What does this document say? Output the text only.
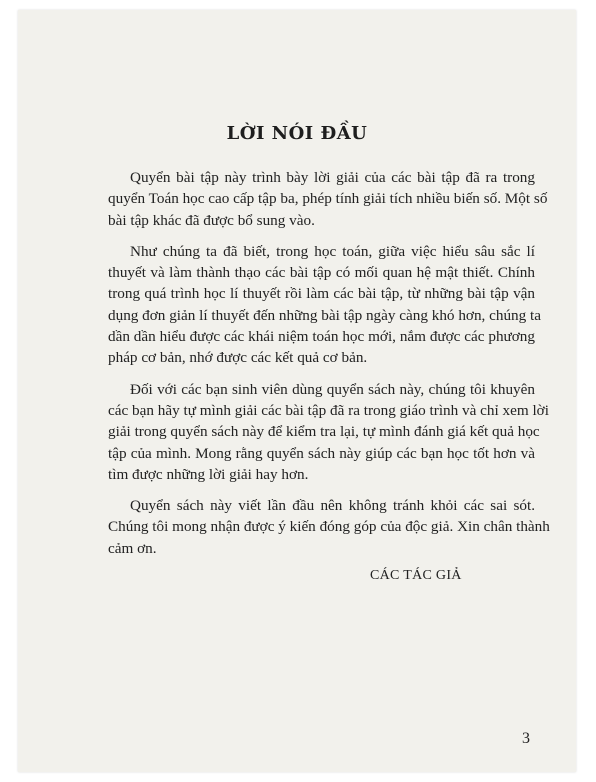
LỜI NÓI ĐẦU
Quyển bài tập này trình bày lời giải của các bài tập đã ra trong
quyển Toán học cao cấp tập ba, phép tính giải tích nhiều biến số. Một số
bài tập khác đã được bổ sung vào.
Như chúng ta đã biết, trong học toán, giữa việc hiểu sâu sắc lí
thuyết và làm thành thạo các bài tập có mối quan hệ mật thiết. Chính
trong quá trình học lí thuyết rồi làm các bài tập, từ những bài tập vận
dụng đơn giản lí thuyết đến những bài tập ngày càng khó hơn, chúng ta
dần dần hiểu được các khái niệm toán học mới, nắm được các phương
pháp cơ bản, nhớ được các kết quả cơ bản.
Đối với các bạn sinh viên dùng quyển sách này, chúng tôi khuyên
các bạn hãy tự mình giải các bài tập đã ra trong giáo trình và chỉ xem lời
giải trong quyển sách này để kiểm tra lại, tự mình đánh giá kết quả học
tập của mình. Mong rằng quyển sách này giúp các bạn học tốt hơn và
tìm được những lời giải hay hơn.
Quyển sách này viết lần đầu nên không tránh khỏi các sai sót.
Chúng tôi mong nhận được ý kiến đóng góp của độc giả. Xin chân thành
cảm ơn.
CÁC TÁC GIẢ
3
